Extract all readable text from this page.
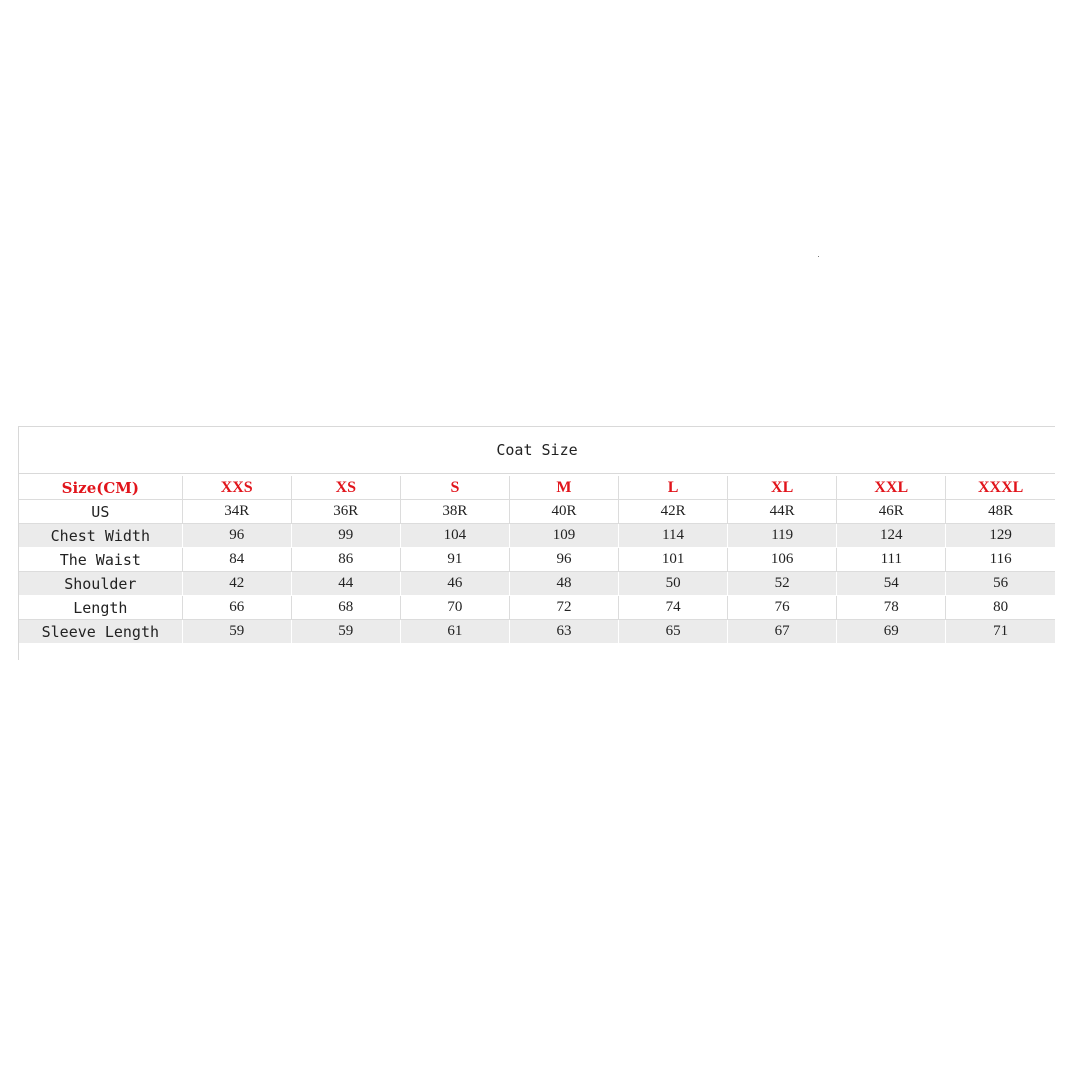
Coat Size
Size(CM)	XXS	XS	S	M	L	XL	XXL	XXXL
US	34R	36R	38R	40R	42R	44R	46R	48R
Chest Width	96	99	104	109	114	119	124	129
The Waist	84	86	91	96	101	106	111	116
Shoulder	42	44	46	48	50	52	54	56
Length	66	68	70	72	74	76	78	80
Sleeve Length	59	59	61	63	65	67	69	71
